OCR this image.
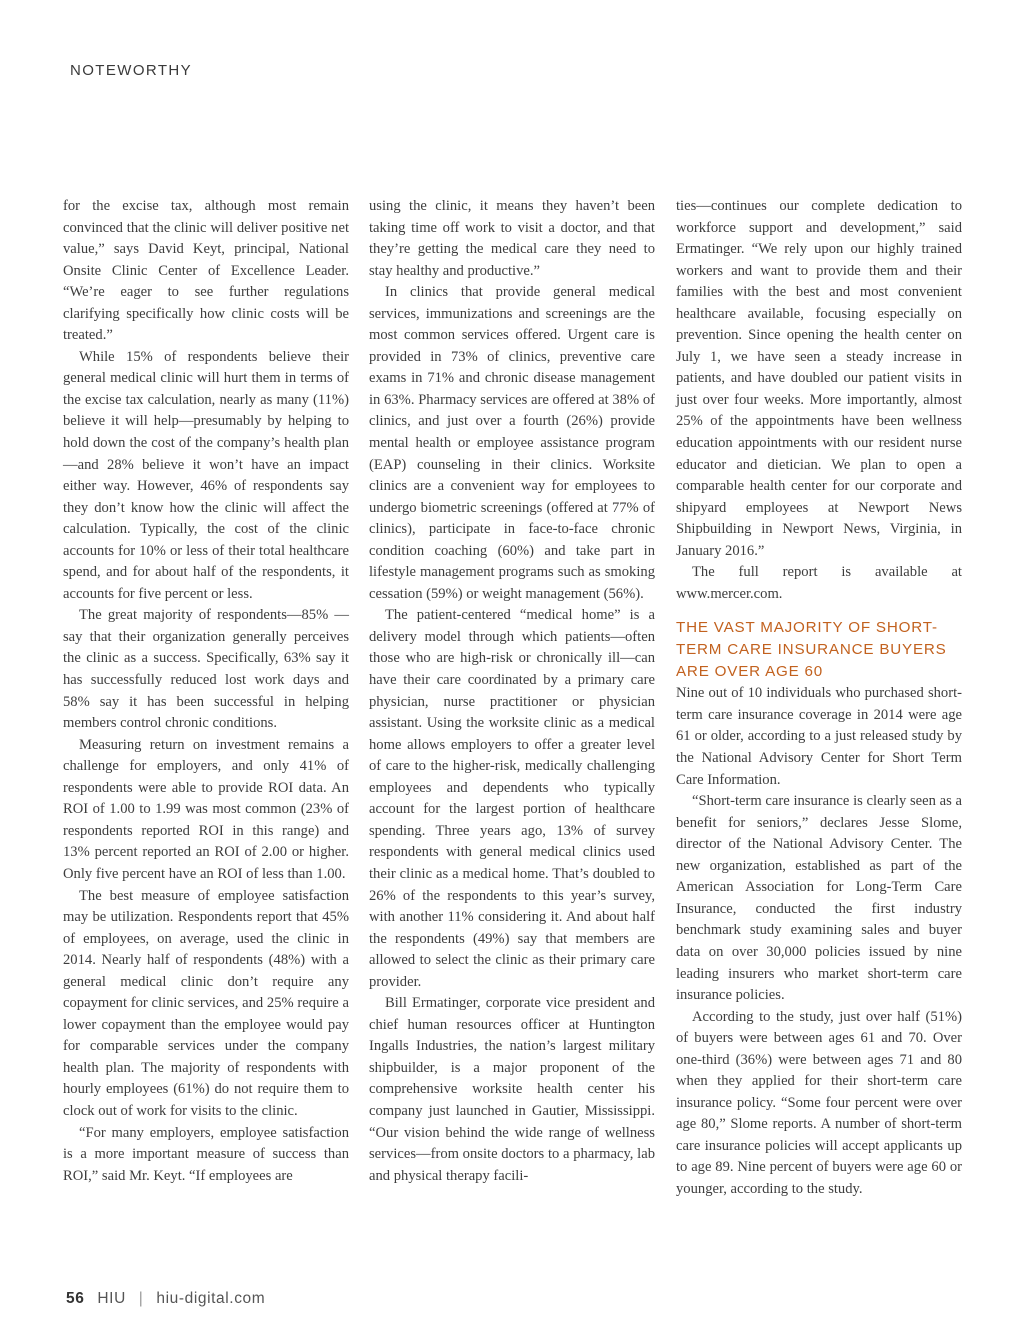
NOTEWORTHY

for the excise tax, although most remain convinced that the clinic will deliver positive net value,” says David Keyt, principal, National Onsite Clinic Center of Excellence Leader. “We’re eager to see further regulations clarifying specifically how clinic costs will be treated.”

While 15% of respondents believe their general medical clinic will hurt them in terms of the excise tax calculation, nearly as many (11%) believe it will help—presumably by helping to hold down the cost of the company’s health plan—and 28% believe it won’t have an impact either way. However, 46% of respondents say they don’t know how the clinic will affect the calculation. Typically, the cost of the clinic accounts for 10% or less of their total healthcare spend, and for about half of the respondents, it accounts for five percent or less.

The great majority of respondents—85% —say that their organization generally perceives the clinic as a success. Specifically, 63% say it has successfully reduced lost work days and 58% say it has been successful in helping members control chronic conditions.

Measuring return on investment remains a challenge for employers, and only 41% of respondents were able to provide ROI data. An ROI of 1.00 to 1.99 was most common (23% of respondents reported ROI in this range) and 13% percent reported an ROI of 2.00 or higher. Only five percent have an ROI of less than 1.00.

The best measure of employee satisfaction may be utilization. Respondents report that 45% of employees, on average, used the clinic in 2014. Nearly half of respondents (48%) with a general medical clinic don’t require any copayment for clinic services, and 25% require a lower copayment than the employee would pay for comparable services under the company health plan. The majority of respondents with hourly employees (61%) do not require them to clock out of work for visits to the clinic.

“For many employers, employee satisfaction is a more important measure of success than ROI,” said Mr. Keyt. “If employees are

using the clinic, it means they haven’t been taking time off work to visit a doctor, and that they’re getting the medical care they need to stay healthy and productive.”

In clinics that provide general medical services, immunizations and screenings are the most common services offered. Urgent care is provided in 73% of clinics, preventive care exams in 71% and chronic disease management in 63%. Pharmacy services are offered at 38% of clinics, and just over a fourth (26%) provide mental health or employee assistance program (EAP) counseling in their clinics. Worksite clinics are a convenient way for employees to undergo biometric screenings (offered at 77% of clinics), participate in face-to-face chronic condition coaching (60%) and take part in lifestyle management programs such as smoking cessation (59%) or weight management (56%).

The patient-centered “medical home” is a delivery model through which patients—often those who are high-risk or chronically ill—can have their care coordinated by a primary care physician, nurse practitioner or physician assistant. Using the worksite clinic as a medical home allows employers to offer a greater level of care to the higher-risk, medically challenging employees and dependents who typically account for the largest portion of healthcare spending. Three years ago, 13% of survey respondents with general medical clinics used their clinic as a medical home. That’s doubled to 26% of the respondents to this year’s survey, with another 11% considering it. And about half the respondents (49%) say that members are allowed to select the clinic as their primary care provider.

Bill Ermatinger, corporate vice president and chief human resources officer at Huntington Ingalls Industries, the nation’s largest military shipbuilder, is a major proponent of the comprehensive worksite health center his company just launched in Gautier, Mississippi. “Our vision behind the wide range of wellness services—from onsite doctors to a pharmacy, lab and physical therapy facili-

ties—continues our complete dedication to workforce support and development,” said Ermatinger. “We rely upon our highly trained workers and want to provide them and their families with the best and most convenient healthcare available, focusing especially on prevention. Since opening the health center on July 1, we have seen a steady increase in patients, and have doubled our patient visits in just over four weeks. More importantly, almost 25% of the appointments have been wellness education appointments with our resident nurse educator and dietician. We plan to open a comparable health center for our corporate and shipyard employees at Newport News Shipbuilding in Newport News, Virginia, in January 2016.”

The full report is available at www.mercer.com.

THE VAST MAJORITY OF SHORT-TERM CARE INSURANCE BUYERS ARE OVER AGE 60

Nine out of 10 individuals who purchased short-term care insurance coverage in 2014 were age 61 or older, according to a just released study by the National Advisory Center for Short Term Care Information.

“Short-term care insurance is clearly seen as a benefit for seniors,” declares Jesse Slome, director of the National Advisory Center. The new organization, established as part of the American Association for Long-Term Care Insurance, conducted the first industry benchmark study examining sales and buyer data on over 30,000 policies issued by nine leading insurers who market short-term care insurance policies.

According to the study, just over half (51%) of buyers were between ages 61 and 70. Over one-third (36%) were between ages 71 and 80 when they applied for their short-term care insurance policy. “Some four percent were over age 80,” Slome reports. A number of short-term care insurance policies will accept applicants up to age 89. Nine percent of buyers were age 60 or younger, according to the study.

56 HIU | hiu-digital.com
